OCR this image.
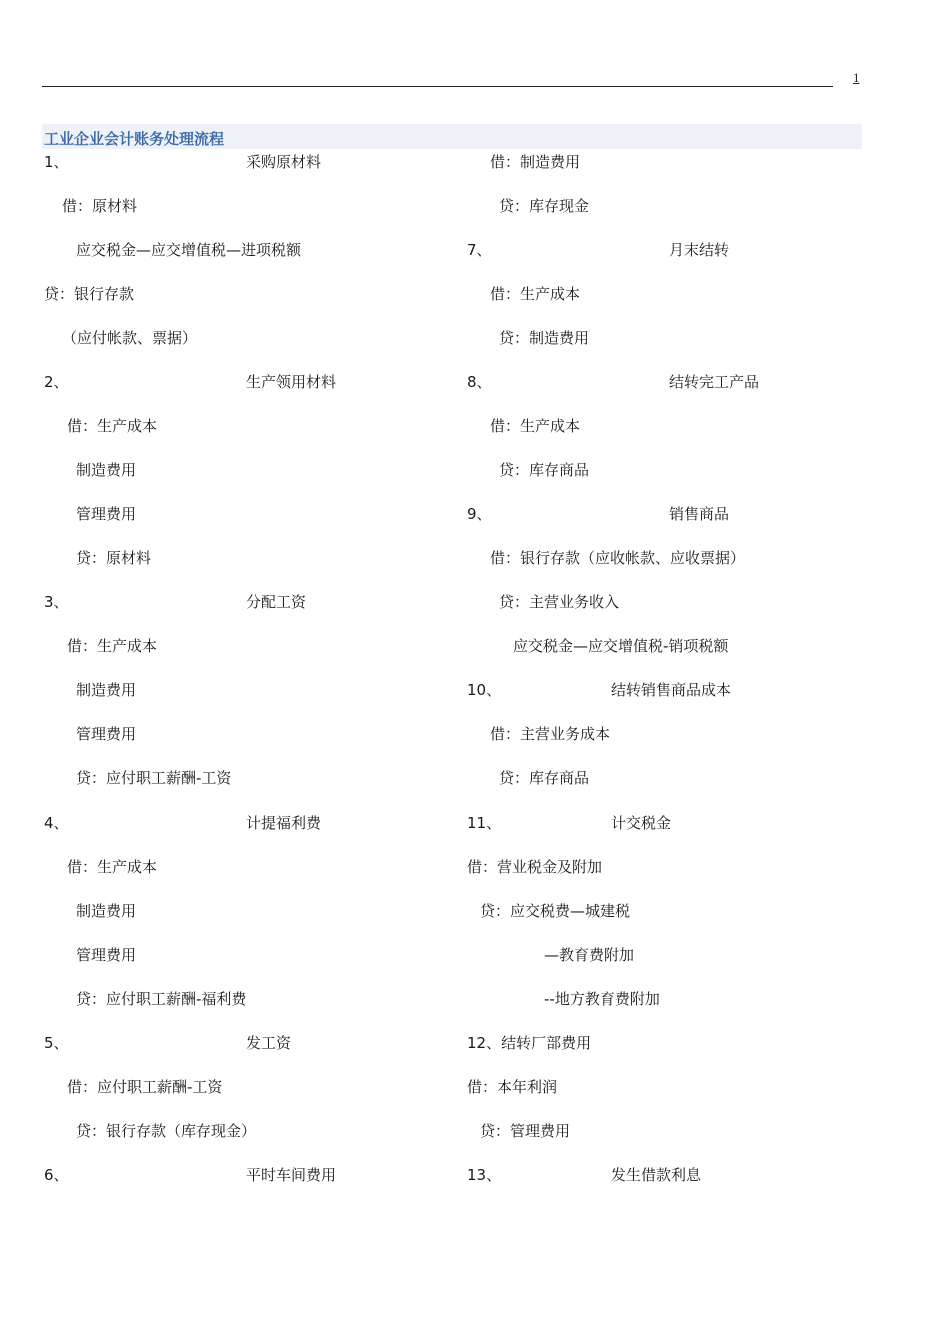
1
工业企业会计账务处理流程
1、	采购原材料
借：原材料
应交税金—应交增值税—进项税额
贷：银行存款
（应付帐款、票据）
2、	生产领用材料
借：生产成本
制造费用
管理费用
贷：原材料
3、	分配工资
借：生产成本
制造费用
管理费用
贷：应付职工薪酬-工资
4、	计提福利费
借：生产成本
制造费用
管理费用
贷：应付职工薪酬-福利费
5、	发工资
借：应付职工薪酬-工资
贷：银行存款（库存现金）
6、	平时车间费用
借：制造费用
贷：库存现金
7、	月末结转
借：生产成本
贷：制造费用
8、	结转完工产品
借：生产成本
贷：库存商品
9、	销售商品
借：银行存款（应收帐款、应收票据）
贷：主营业务收入
应交税金—应交增值税-销项税额
10、	结转销售商品成本
借：主营业务成本
贷：库存商品
11、	计交税金
借：营业税金及附加
贷：应交税费—城建税
—教育费附加
--地方教育费附加
12、结转厂部费用
借：本年利润
贷：管理费用
13、	发生借款利息
